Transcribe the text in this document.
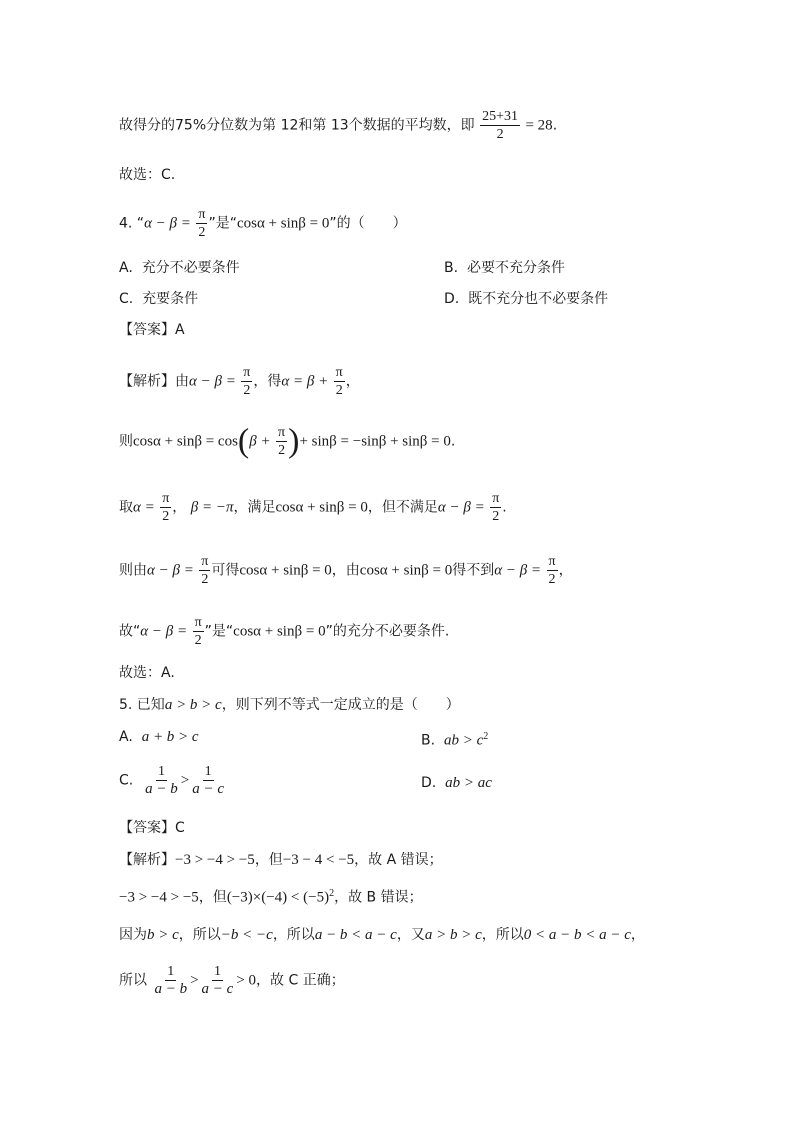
故得分的75%分位数为第 12和第 13个数据的平均数，即 $\frac{25+31}{2} = 28$.
故选：C.
4. “$\alpha - \beta = \frac{\pi}{2}$ ”是“cosα + sinβ = 0”的（　　）
A. 充分不必要条件	B. 必要不充分条件
C. 充要条件	D. 既不充分也不必要条件
【答案】A
【解析】由$\alpha - \beta = \frac{\pi}{2}$ ，得$\alpha = \beta + \frac{\pi}{2}$ ，
则$\cos\alpha + \sin\beta = \cos(\beta + \frac{\pi}{2}$ )+ sinβ = −sinβ + sinβ = 0.
取$\alpha = \frac{\pi}{2}$ ， β = −π，满足cosα + sinβ = 0，但不满足$\alpha - \beta = \frac{\pi}{2}$ .
则由$\alpha - \beta = \frac{\pi}{2}$ 可得cosα + sinβ = 0，由cosα + sinβ = 0得不到$\alpha - \beta = \frac{\pi}{2}$ ，
故“$\alpha - \beta = \frac{\pi}{2}$ ”是“cosα + sinβ = 0”的充分不必要条件.
故选：A.
5. 已知a > b > c，则下列不等式一定成立的是（　　）
A. a + b > c	B. ab > $c^2$
C. $\frac{1}{a - b} > \frac{1}{a - c}$	D. ab > ac
【答案】C
【解析】−3 > −4 > −5，但−3 − 4 < −5，故 A 错误；
−3 > −4 > −5，但$(-3)\times(-4) < (-5)^2$，故 B 错误；
因为b > c，所以−b < −c，所以a − b < a − c，又a > b > c，所以0 < a − b < a − c，
所以 $\frac{1}{a - b} > \frac{1}{a - c} > 0$，故 C 正确；
